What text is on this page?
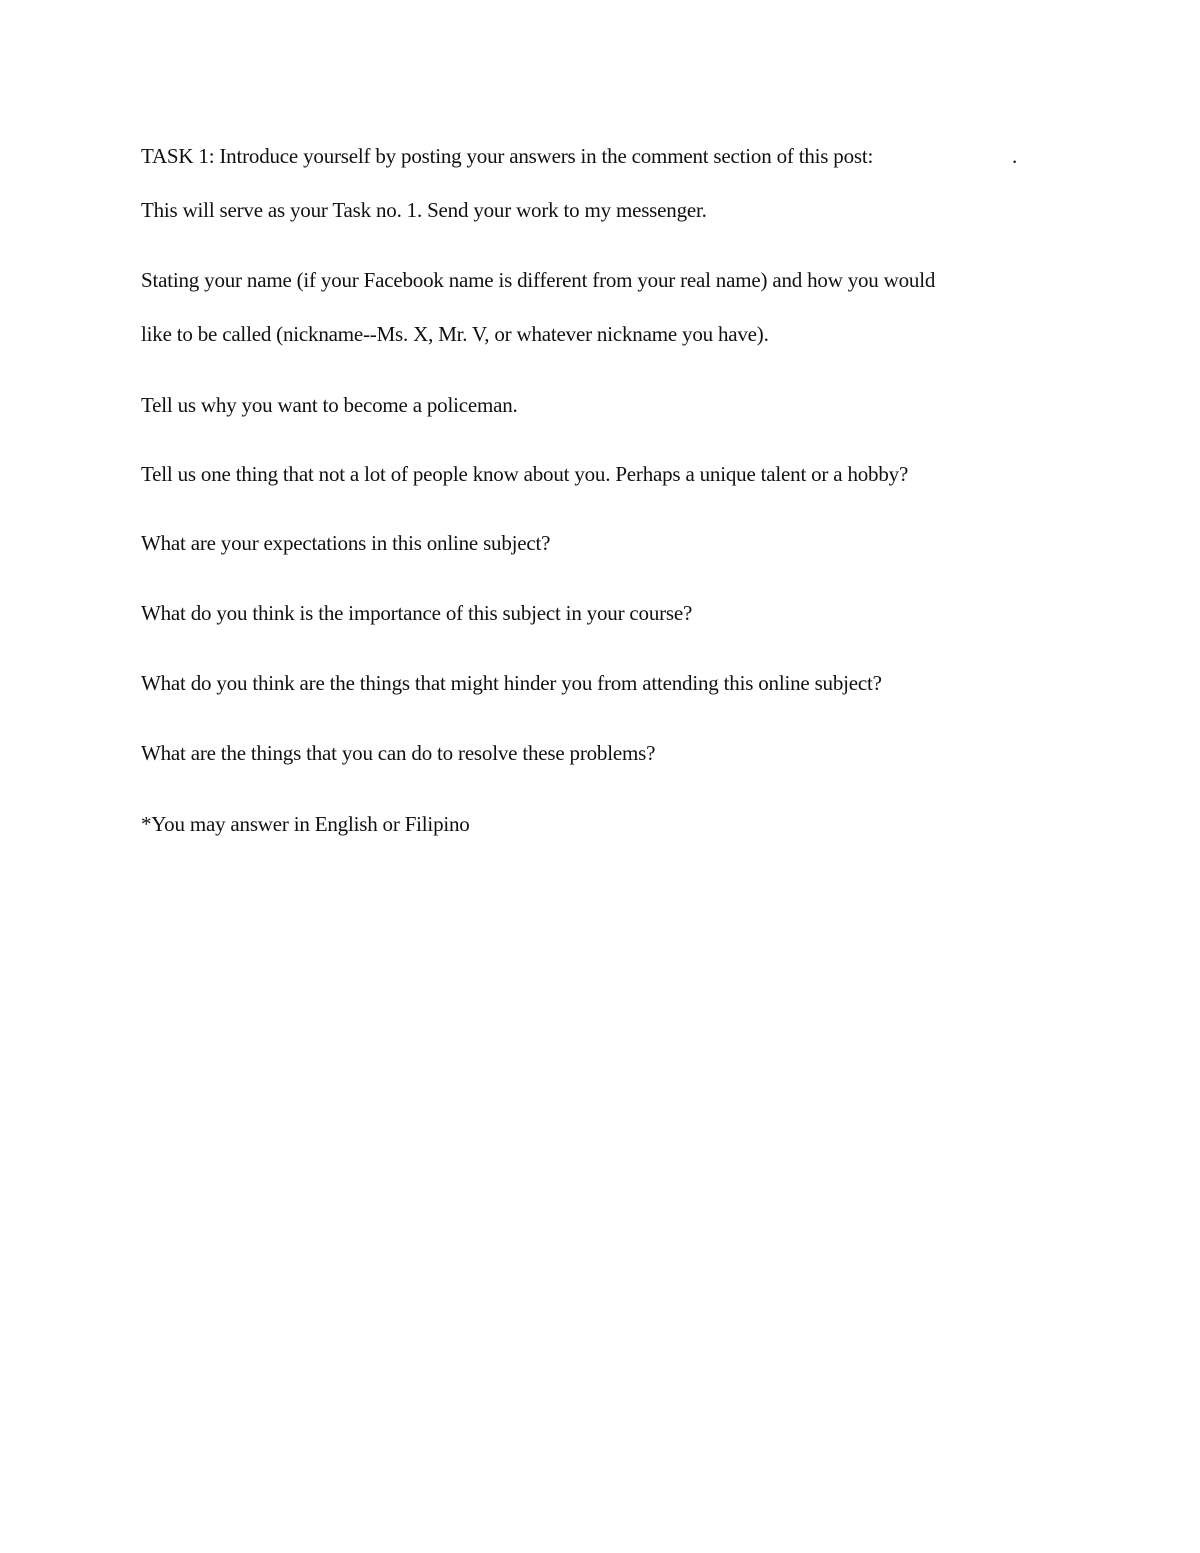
TASK 1: Introduce yourself by posting your answers in the comment section of this post:	.
This will serve as your Task no. 1. Send your work to my messenger.
Stating your name (if your Facebook name is different from your real name) and how you would
like to be called (nickname--Ms. X, Mr. V, or whatever nickname you have).
Tell us why you want to become a policeman.
Tell us one thing that not a lot of people know about you. Perhaps a unique talent or a hobby?
What are your expectations in this online subject?
What do you think is the importance of this subject in your course?
What do you think are the things that might hinder you from attending this online subject?
What are the things that you can do to resolve these problems?
*You may answer in English or Filipino
